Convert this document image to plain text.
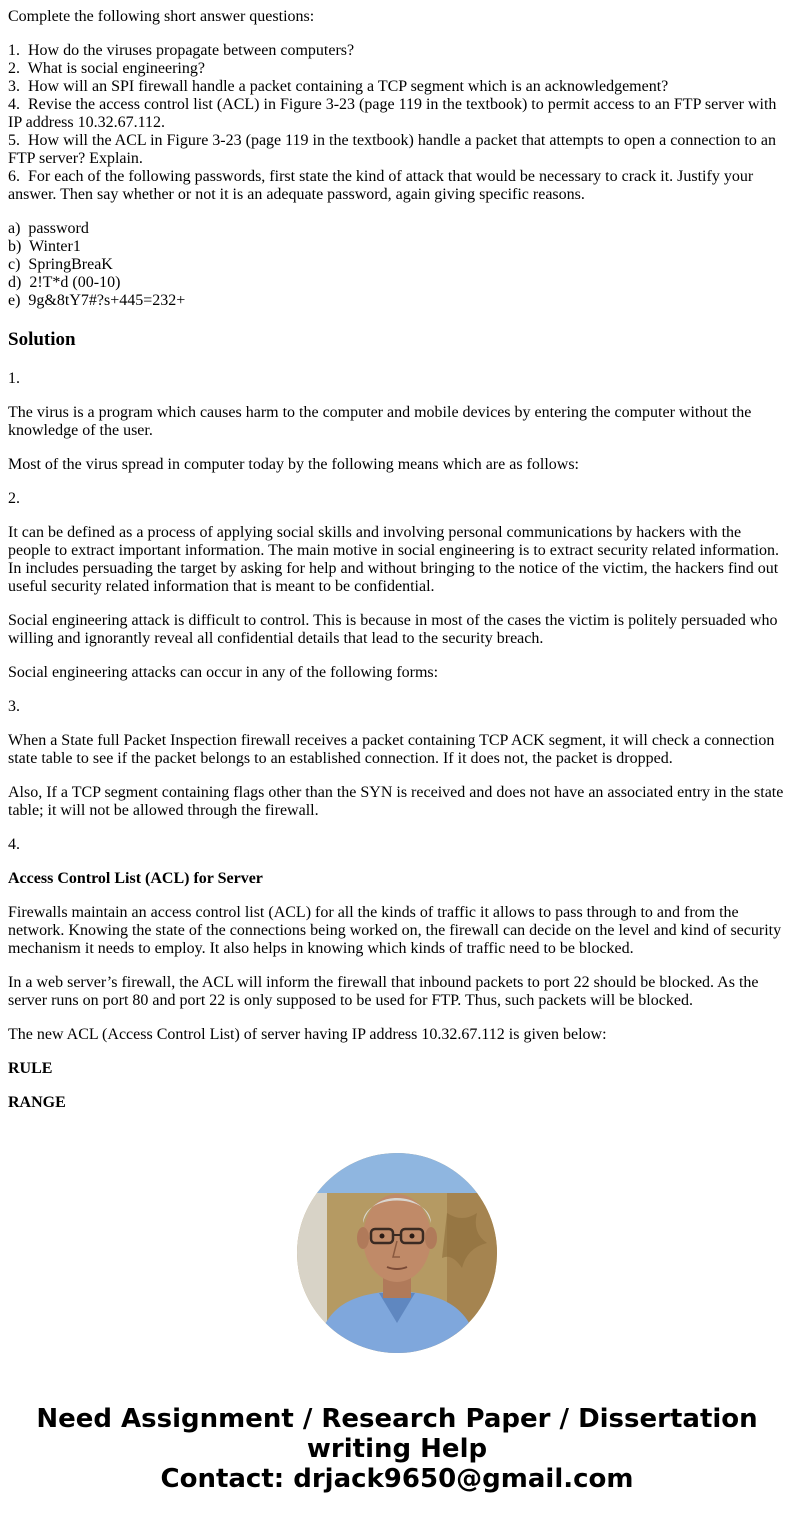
Complete the following short answer questions:

1.  How do the viruses propagate between computers?
2.  What is social engineering?
3.  How will an SPI firewall handle a packet containing a TCP segment which is an acknowledgement?
4.  Revise the access control list (ACL) in Figure 3-23 (page 119 in the textbook) to permit access to an FTP server with IP address 10.32.67.112.
5.  How will the ACL in Figure 3-23 (page 119 in the textbook) handle a packet that attempts to open a connection to an FTP server? Explain.
6.  For each of the following passwords, first state the kind of attack that would be necessary to crack it. Justify your answer. Then say whether or not it is an adequate password, again giving specific reasons.
a)  password
b)  Winter1
c)  SpringBreaK
d)  2!T*d (00-10)
e)  9g&8tY7#?s+445=232+
Solution

1.

The virus is a program which causes harm to the computer and mobile devices by entering the computer without the knowledge of the user.

Most of the virus spread in computer today by the following means which are as follows:

2.

It can be defined as a process of applying social skills and involving personal communications by hackers with the people to extract important information. The main motive in social engineering is to extract security related information. In includes persuading the target by asking for help and without bringing to the notice of the victim, the hackers find out useful security related information that is meant to be confidential.

Social engineering attack is difficult to control. This is because in most of the cases the victim is politely persuaded who willing and ignorantly reveal all confidential details that lead to the security breach.

Social engineering attacks can occur in any of the following forms:

3.

When a State full Packet Inspection firewall receives a packet containing TCP ACK segment, it will check a connection state table to see if the packet belongs to an established connection. If it does not, the packet is dropped.

Also, If a TCP segment containing flags other than the SYN is received and does not have an associated entry in the state table; it will not be allowed through the firewall.

4.

Access Control List (ACL) for Server

Firewalls maintain an access control list (ACL) for all the kinds of traffic it allows to pass through to and from the network. Knowing the state of the connections being worked on, the firewall can decide on the level and kind of security mechanism it needs to employ. It also helps in knowing which kinds of traffic need to be blocked.

In a web server’s firewall, the ACL will inform the firewall that inbound packets to port 22 should be blocked. As the server runs on port 80 and port 22 is only supposed to be used for FTP. Thus, such packets will be blocked.

The new ACL (Access Control List) of server having IP address 10.32.67.112 is given below:

RULE

RANGE

Need Assignment / Research Paper / Dissertation
writing Help
Contact: drjack9650@gmail.com
